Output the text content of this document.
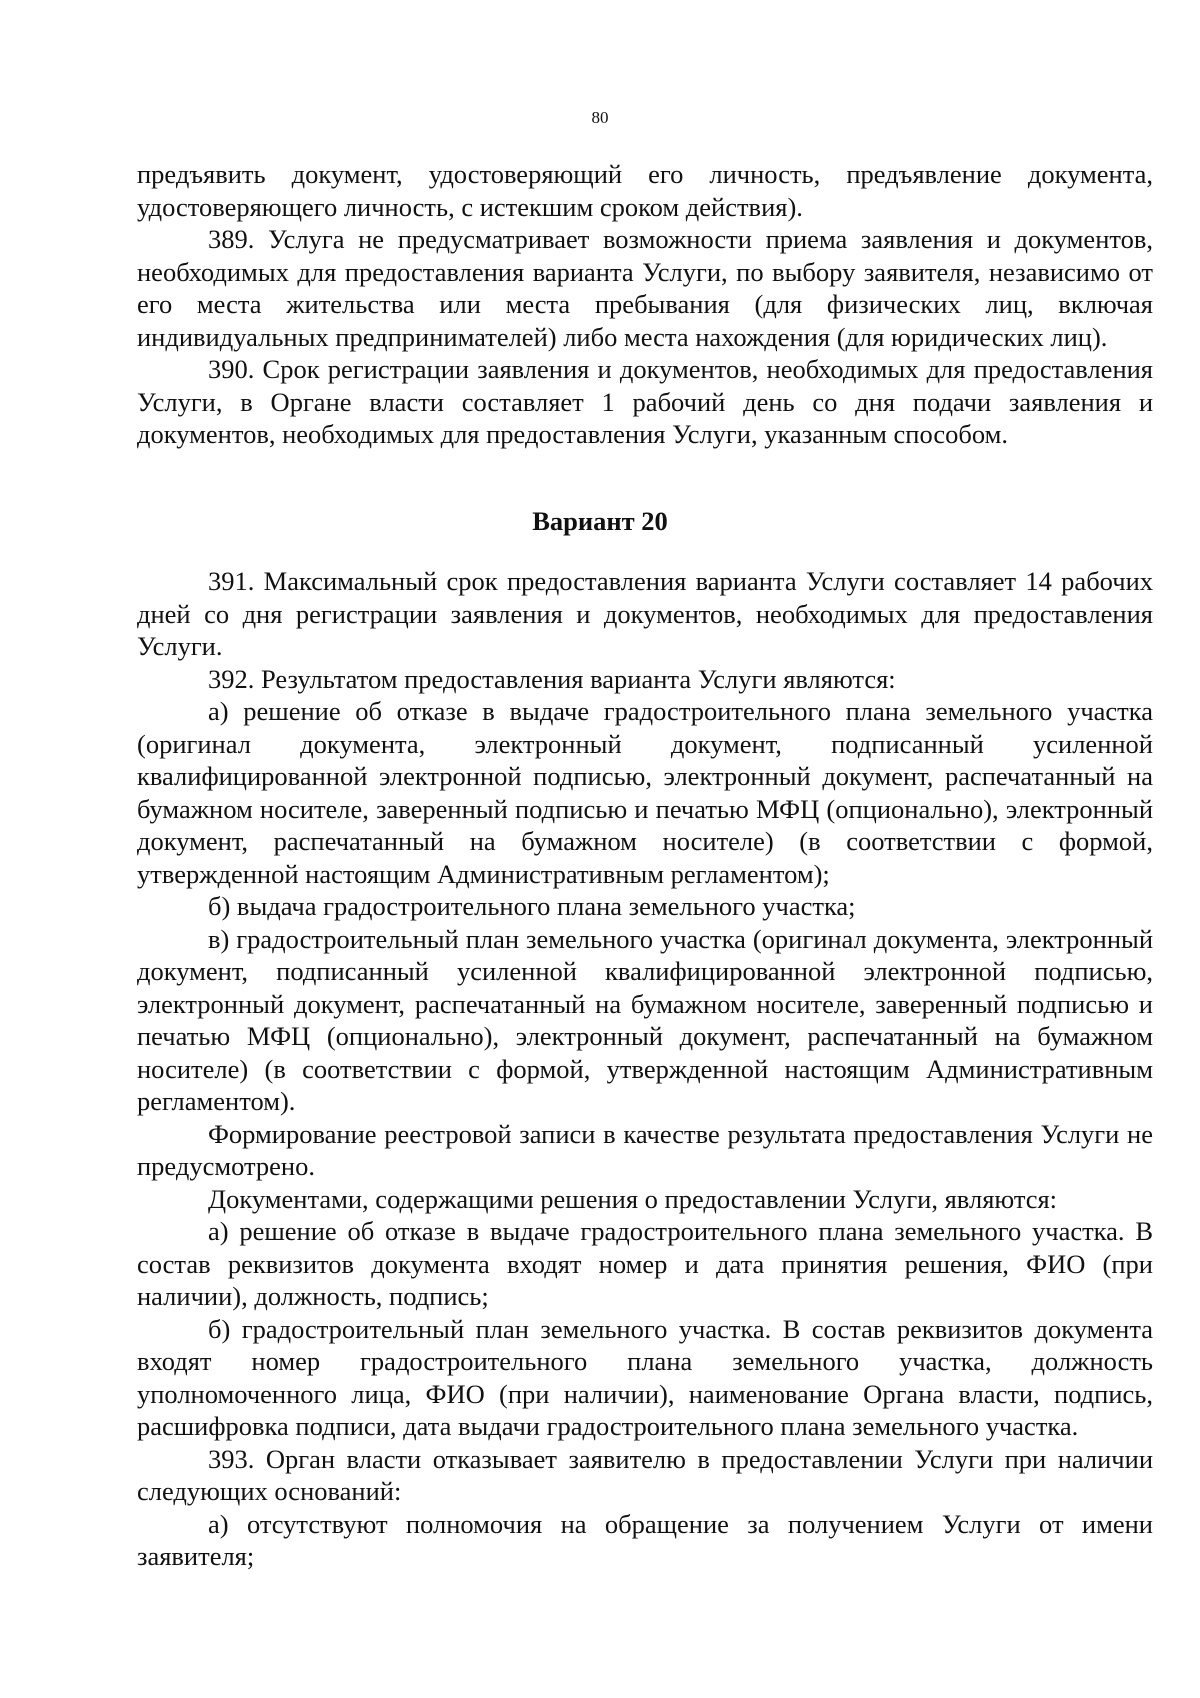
80

предъявить документ, удостоверяющий его личность, предъявление документа, удостоверяющего личность, с истекшим сроком действия).

389. Услуга не предусматривает возможности приема заявления и документов, необходимых для предоставления варианта Услуги, по выбору заявителя, независимо от его места жительства или места пребывания (для физических лиц, включая индивидуальных предпринимателей) либо места нахождения (для юридических лиц).

390. Срок регистрации заявления и документов, необходимых для предоставления Услуги, в Органе власти составляет 1 рабочий день со дня подачи заявления и документов, необходимых для предоставления Услуги, указанным способом.

Вариант 20

391. Максимальный срок предоставления варианта Услуги составляет 14 рабочих дней со дня регистрации заявления и документов, необходимых для предоставления Услуги.

392. Результатом предоставления варианта Услуги являются:

а) решение об отказе в выдаче градостроительного плана земельного участка (оригинал документа, электронный документ, подписанный усиленной квалифицированной электронной подписью, электронный документ, распечатанный на бумажном носителе, заверенный подписью и печатью МФЦ (опционально), электронный документ, распечатанный на бумажном носителе) (в соответствии с формой, утвержденной настоящим Административным регламентом);

б) выдача градостроительного плана земельного участка;

в) градостроительный план земельного участка (оригинал документа, электронный документ, подписанный усиленной квалифицированной электронной подписью, электронный документ, распечатанный на бумажном носителе, заверенный подписью и печатью МФЦ (опционально), электронный документ, распечатанный на бумажном носителе) (в соответствии с формой, утвержденной настоящим Административным регламентом).

Формирование реестровой записи в качестве результата предоставления Услуги не предусмотрено.

Документами, содержащими решения о предоставлении Услуги, являются:

а) решение об отказе в выдаче градостроительного плана земельного участка. В состав реквизитов документа входят номер и дата принятия решения, ФИО (при наличии), должность, подпись;

б) градостроительный план земельного участка. В состав реквизитов документа входят номер градостроительного плана земельного участка, должность уполномоченного лица, ФИО (при наличии), наименование Органа власти, подпись, расшифровка подписи, дата выдачи градостроительного плана земельного участка.

393. Орган власти отказывает заявителю в предоставлении Услуги при наличии следующих оснований:

а) отсутствуют полномочия на обращение за получением Услуги от имени заявителя;
